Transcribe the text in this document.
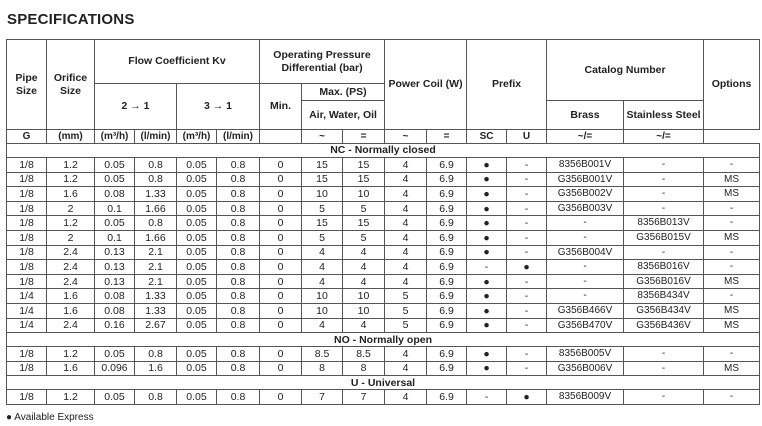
SPECIFICATIONS
Pipe Size	Orifice Size	Flow Coefficient Kv				Operating Pressure Differential (bar)			Power Coil (W)		Prefix		Catalog Number		Options
		2 → 1		3 → 1		Min.	Max. (PS)								
							Air, Water, Oil						Brass	Stainless Steel	
G	(mm)	(m³/h)	(l/min)	(m³/h)	(l/min)		~	=	~	=	SC	U	~/=	~/=	
NC - Normally closed															
1/8	1.2	0.05	0.8	0.05	0.8	0	15	15	4	6.9	●	-	8356B001V	-	-
1/8	1.2	0.05	0.8	0.05	0.8	0	15	15	4	6.9	●	-	G356B001V	-	MS
1/8	1.6	0.08	1.33	0.05	0.8	0	10	10	4	6.9	●	-	G356B002V	-	MS
1/8	2	0.1	1.66	0.05	0.8	0	5	5	4	6.9	●	-	G356B003V	-	-
1/8	1.2	0.05	0.8	0.05	0.8	0	15	15	4	6.9	●	-	-	8356B013V	-
1/8	2	0.1	1.66	0.05	0.8	0	5	5	4	6.9	●	-	-	G356B015V	MS
1/8	2.4	0.13	2.1	0.05	0.8	0	4	4	4	6.9	●	-	G356B004V	-	-
1/8	2.4	0.13	2.1	0.05	0.8	0	4	4	4	6.9	-	●	-	8356B016V	-
1/8	2.4	0.13	2.1	0.05	0.8	0	4	4	4	6.9	●	-	-	G356B016V	MS
1/4	1.6	0.08	1.33	0.05	0.8	0	10	10	5	6.9	●	-	-	8356B434V	-
1/4	1.6	0.08	1.33	0.05	0.8	0	10	10	5	6.9	●	-	G356B466V	G356B434V	MS
1/4	2.4	0.16	2.67	0.05	0.8	0	4	4	5	6.9	●	-	G356B470V	G356B436V	MS
NO - Normally open															
1/8	1.2	0.05	0.8	0.05	0.8	0	8.5	8.5	4	6.9	●	-	8356B005V	-	-
1/8	1.6	0.096	1.6	0.05	0.8	0	8	8	4	6.9	●	-	G356B006V	-	MS
U - Universal															
1/8	1.2	0.05	0.8	0.05	0.8	0	7	7	4	6.9	-	●	8356B009V	-	-
● Available Express
